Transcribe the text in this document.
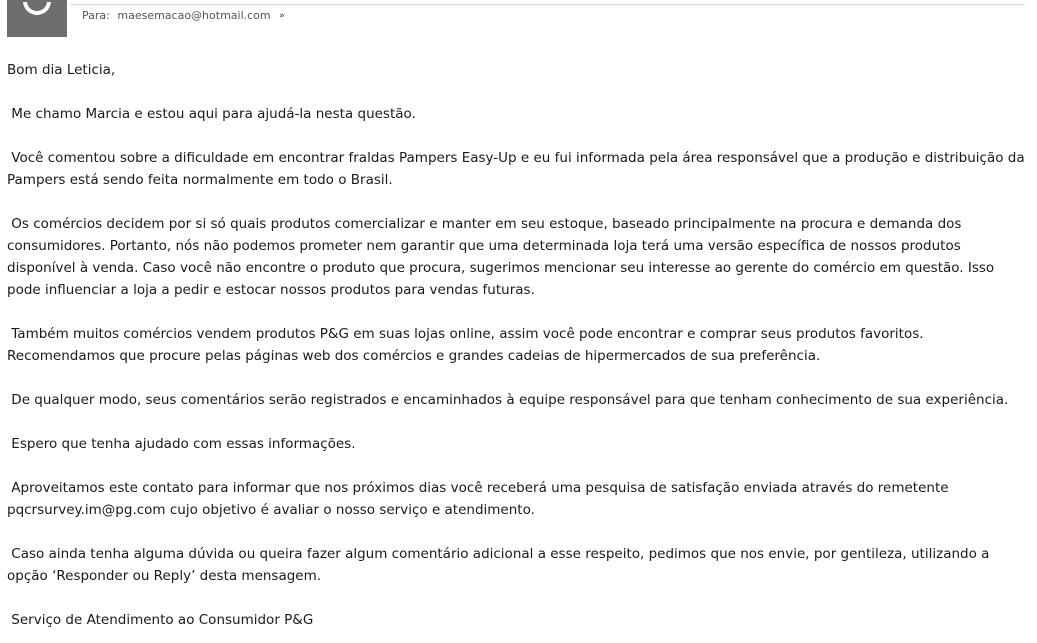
Para: maesemacao@hotmail.com »

Bom dia Leticia,

Me chamo Marcia e estou aqui para ajudá-la nesta questão.

Você comentou sobre a dificuldade em encontrar fraldas Pampers Easy-Up e eu fui informada pela área responsável que a produção e distribuição da Pampers está sendo feita normalmente em todo o Brasil.

Os comércios decidem por si só quais produtos comercializar e manter em seu estoque, baseado principalmente na procura e demanda dos consumidores. Portanto, nós não podemos prometer nem garantir que uma determinada loja terá uma versão específica de nossos produtos disponível à venda. Caso você não encontre o produto que procura, sugerimos mencionar seu interesse ao gerente do comércio em questão. Isso pode influenciar a loja a pedir e estocar nossos produtos para vendas futuras.

Também muitos comércios vendem produtos P&G em suas lojas online, assim você pode encontrar e comprar seus produtos favoritos. Recomendamos que procure pelas páginas web dos comércios e grandes cadeias de hipermercados de sua preferência.

De qualquer modo, seus comentários serão registrados e encaminhados à equipe responsável para que tenham conhecimento de sua experiência.

Espero que tenha ajudado com essas informações.

Aproveitamos este contato para informar que nos próximos dias você receberá uma pesquisa de satisfação enviada através do remetente pqcrsurvey.im@pg.com cujo objetivo é avaliar o nosso serviço e atendimento.

Caso ainda tenha alguma dúvida ou queira fazer algum comentário adicional a esse respeito, pedimos que nos envie, por gentileza, utilizando a opção ‘Responder ou Reply’ desta mensagem.

Serviço de Atendimento ao Consumidor P&G
